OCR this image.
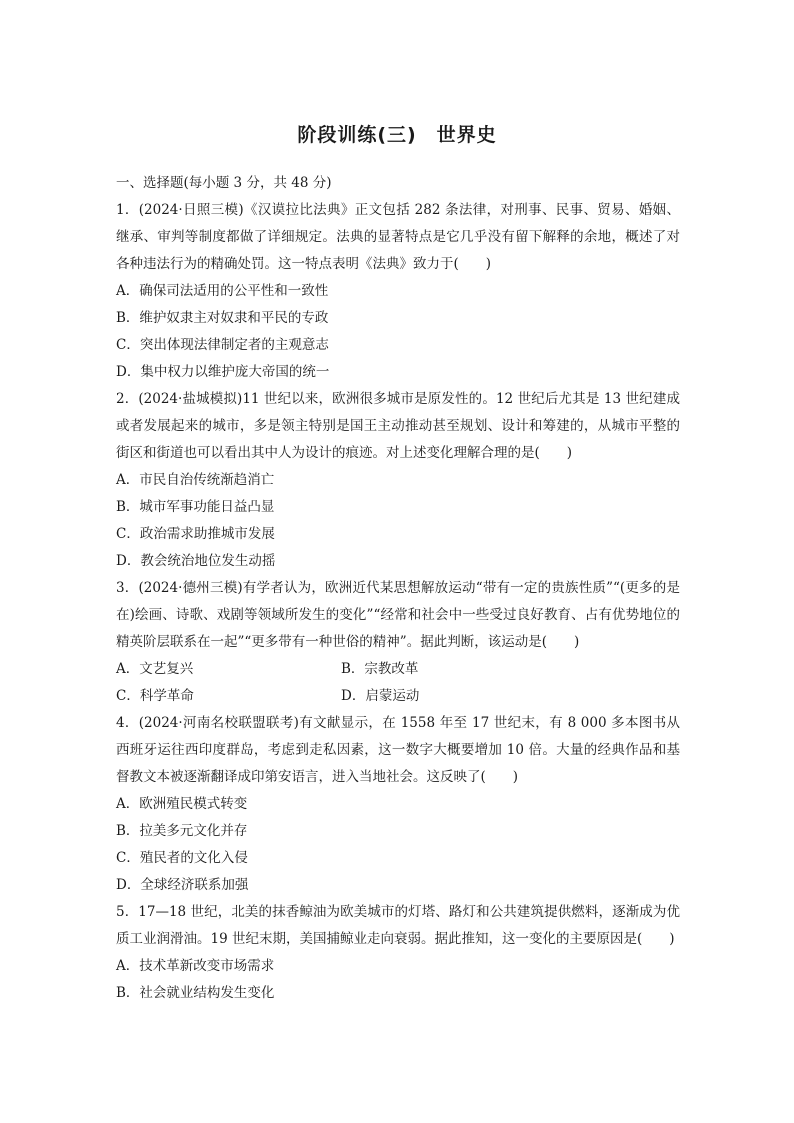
阶段训练(三)　世界史

一、选择题(每小题 3 分，共 48 分)

1．(2024·日照三模)《汉谟拉比法典》正文包括 282 条法律，对刑事、民事、贸易、婚姻、继承、审判等制度都做了详细规定。法典的显著特点是它几乎没有留下解释的余地，概述了对各种违法行为的精确处罚。这一特点表明《法典》致力于(　　)

A．确保司法适用的公平性和一致性

B．维护奴隶主对奴隶和平民的专政

C．突出体现法律制定者的主观意志

D．集中权力以维护庞大帝国的统一

2．(2024·盐城模拟)11 世纪以来，欧洲很多城市是原发性的。12 世纪后尤其是 13 世纪建成或者发展起来的城市，多是领主特别是国王主动推动甚至规划、设计和筹建的，从城市平整的街区和街道也可以看出其中人为设计的痕迹。对上述变化理解合理的是(　　)

A．市民自治传统渐趋消亡

B．城市军事功能日益凸显

C．政治需求助推城市发展

D．教会统治地位发生动摇

3．(2024·德州三模)有学者认为，欧洲近代某思想解放运动“带有一定的贵族性质”“(更多的是在)绘画、诗歌、戏剧等领域所发生的变化”“经常和社会中一些受过良好教育、占有优势地位的精英阶层联系在一起”“更多带有一种世俗的精神”。据此判断，该运动是(　　)

A．文艺复兴	B．宗教改革

C．科学革命	D．启蒙运动

4．(2024·河南名校联盟联考)有文献显示，在 1558 年至 17 世纪末，有 8 000 多本图书从西班牙运往西印度群岛，考虑到走私因素，这一数字大概要增加 10 倍。大量的经典作品和基督教文本被逐渐翻译成印第安语言，进入当地社会。这反映了(　　)

A．欧洲殖民模式转变

B．拉美多元文化并存

C．殖民者的文化入侵

D．全球经济联系加强

5．17—18 世纪，北美的抹香鲸油为欧美城市的灯塔、路灯和公共建筑提供燃料，逐渐成为优质工业润滑油。19 世纪末期，美国捕鲸业走向衰弱。据此推知，这一变化的主要原因是(　　)

A．技术革新改变市场需求

B．社会就业结构发生变化
